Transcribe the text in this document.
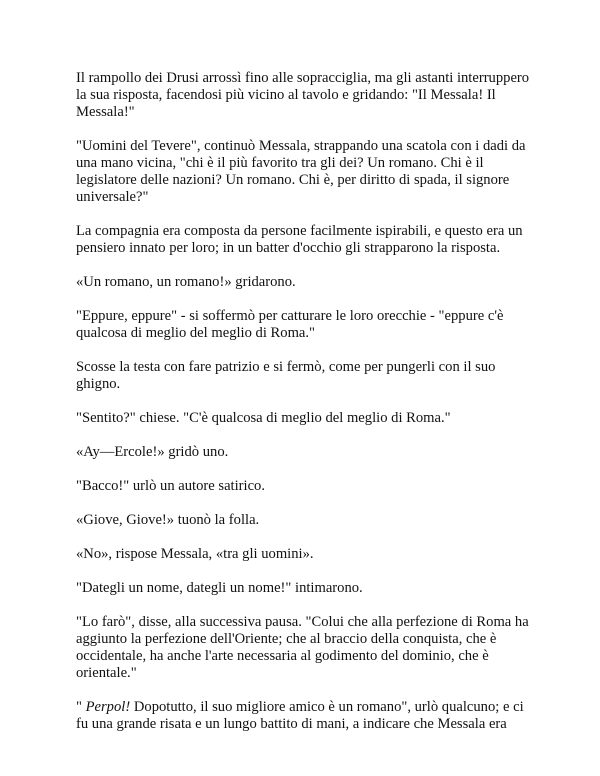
Il rampollo dei Drusi arrossì fino alle sopracciglia, ma gli astanti interruppero la sua risposta, facendosi più vicino al tavolo e gridando: "Il Messala! Il Messala!"

"Uomini del Tevere", continuò Messala, strappando una scatola con i dadi da una mano vicina, "chi è il più favorito tra gli dei? Un romano. Chi è il legislatore delle nazioni? Un romano. Chi è, per diritto di spada, il signore universale?"

La compagnia era composta da persone facilmente ispirabili, e questo era un pensiero innato per loro; in un batter d'occhio gli strapparono la risposta.

«Un romano, un romano!» gridarono.

"Eppure, eppure" - si soffermò per catturare le loro orecchie - "eppure c'è qualcosa di meglio del meglio di Roma."

Scosse la testa con fare patrizio e si fermò, come per pungerli con il suo ghigno.

"Sentito?" chiese. "C'è qualcosa di meglio del meglio di Roma."

«Ay—Ercole!» gridò uno.

"Bacco!" urlò un autore satirico.

«Giove, Giove!» tuonò la folla.

«No», rispose Messala, «tra gli uomini».

"Dategli un nome, dategli un nome!" intimarono.

"Lo farò", disse, alla successiva pausa. "Colui che alla perfezione di Roma ha aggiunto la perfezione dell'Oriente; che al braccio della conquista, che è occidentale, ha anche l'arte necessaria al godimento del dominio, che è orientale."

" Perpol! Dopotutto, il suo migliore amico è un romano", urlò qualcuno; e ci fu una grande risata e un lungo battito di mani, a indicare che Messala era
